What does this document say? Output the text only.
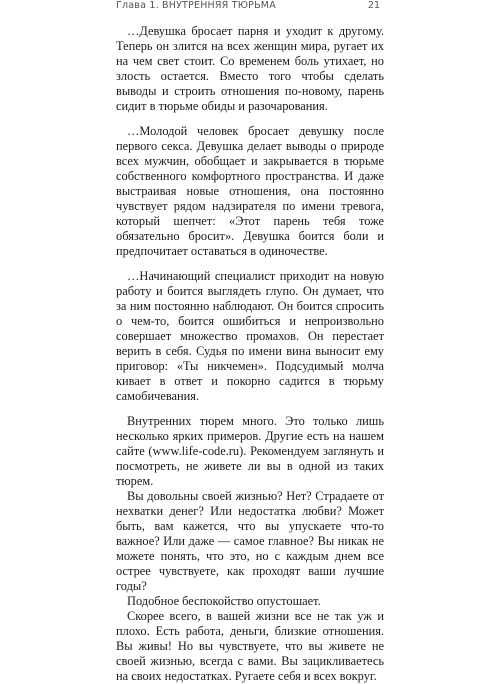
Глава 1. ВНУТРЕННЯЯ ТЮРЬМА	21

…Девушка бросает парня и уходит к другому. Теперь он злится на всех женщин мира, ругает их на чем свет стоит. Со временем боль утихает, но злость остается. Вместо того чтобы сделать выводы и строить отношения по-новому, парень сидит в тюрьме обиды и разочарования.

…Молодой человек бросает девушку после первого секса. Девушка делает выводы о природе всех мужчин, обобщает и закрывается в тюрьме собственного комфортного пространства. И даже выстраивая новые отношения, она постоянно чувствует рядом надзирателя по имени тревога, который шепчет: «Этот парень тебя тоже обязательно бросит». Девушка боится боли и предпочитает оставаться в одиночестве.

…Начинающий специалист приходит на новую работу и боится выглядеть глупо. Он думает, что за ним постоянно наблюдают. Он боится спросить о чем-то, боится ошибиться и непроизвольно совершает множество промахов. Он перестает верить в себя. Судья по имени вина выносит ему приговор: «Ты никчемен». Подсудимый молча кивает в ответ и покорно садится в тюрьму самобичевания.

Внутренних тюрем много. Это только лишь несколько ярких примеров. Другие есть на нашем сайте (www.life-code.ru). Рекомендуем заглянуть и посмотреть, не живете ли вы в одной из таких тюрем.

Вы довольны своей жизнью? Нет? Страдаете от нехватки денег? Или недостатка любви? Может быть, вам кажется, что вы упускаете что-то важное? Или даже — самое главное? Вы никак не можете понять, что это, но с каждым днем все острее чувствуете, как проходят ваши лучшие годы?

Подобное беспокойство опустошает.

Скорее всего, в вашей жизни все не так уж и плохо. Есть работа, деньги, близкие отношения. Вы живы! Но вы чувствуете, что вы живете не своей жизнью, всегда с вами. Вы зацикливаетесь на своих недостатках. Ругаете себя и всех вокруг.
